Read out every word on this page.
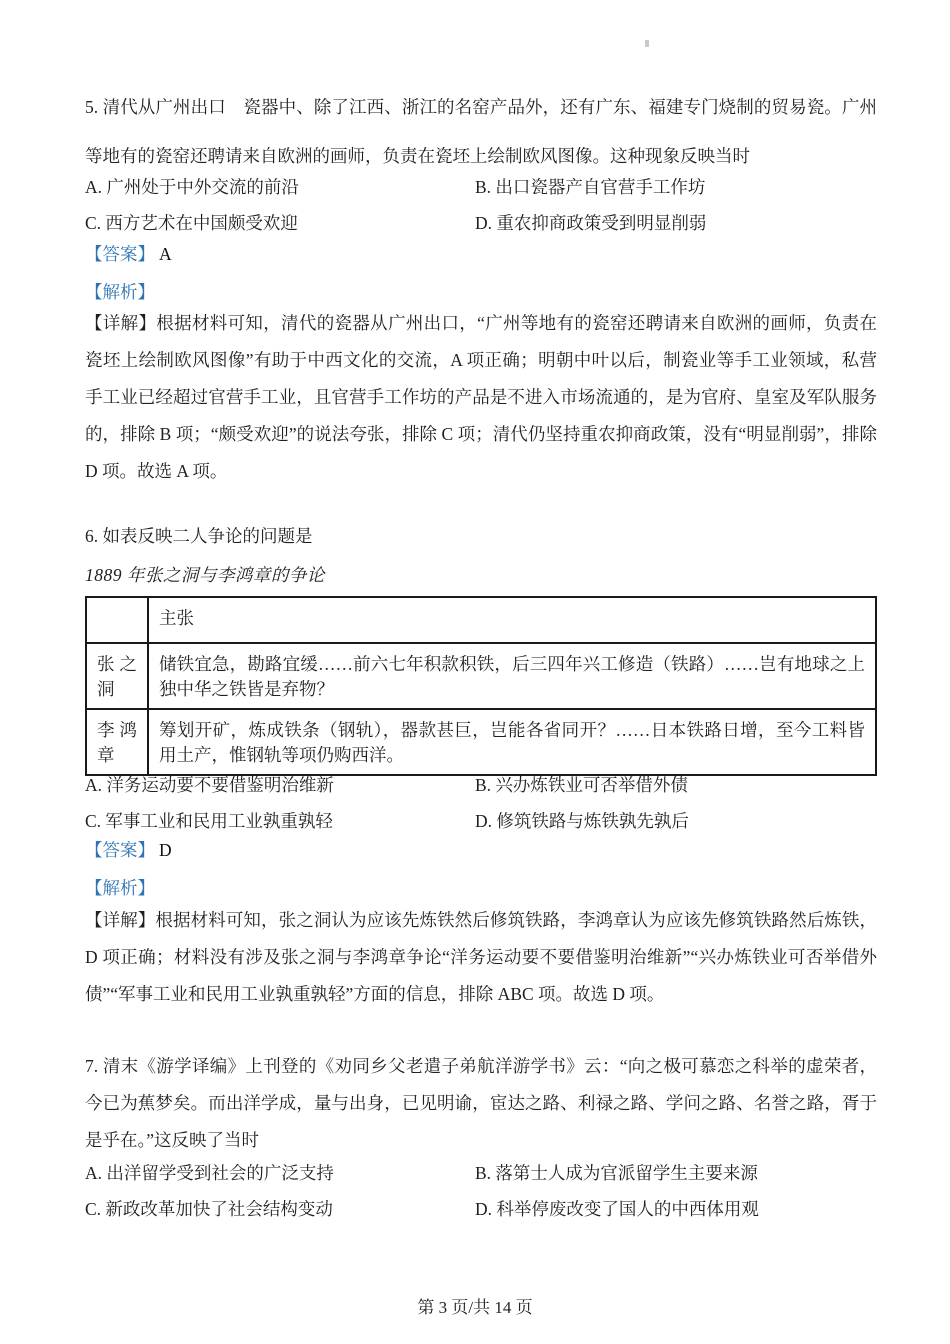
5. 清代从广州出口　瓷器中、除了江西、浙江的名窑产品外，还有广东、福建专门烧制的贸易瓷。广州等地有的瓷窑还聘请来自欧洲的画师，负责在瓷坯上绘制欧风图像。这种现象反映当时
A. 广州处于中外交流的前沿	B. 出口瓷器产自官营手工作坊
C. 西方艺术在中国颇受欢迎	D. 重农抑商政策受到明显削弱
【答案】 A
【解析】
【详解】根据材料可知，清代的瓷器从广州出口，“广州等地有的瓷窑还聘请来自欧洲的画师，负责在瓷坯上绘制欧风图像”有助于中西文化的交流，A 项正确；明朝中叶以后，制瓷业等手工业领域，私营手工业已经超过官营手工业，且官营手工作坊的产品是不进入市场流通的，是为官府、皇室及军队服务的，排除 B 项；“颇受欢迎”的说法夸张，排除 C 项；清代仍坚持重农抑商政策，没有“明显削弱”，排除 D 项。故选 A 项。
6. 如表反映二人争论的问题是
1889 年张之洞与李鸿章的争论
	主张
张之洞	储铁宜急，勘路宜缓……前六七年积款积铁，后三四年兴工修造（铁路）……岂有地球之上独中华之铁皆是弃物？
李鸿章	筹划开矿，炼成铁条（钢轨），器款甚巨，岂能各省同开？……日本铁路日增，至今工料皆用土产，惟钢轨等项仍购西洋。
A. 洋务运动要不要借鉴明治维新	B. 兴办炼铁业可否举借外债
C. 军事工业和民用工业孰重孰轻	D. 修筑铁路与炼铁孰先孰后
【答案】 D
【解析】
【详解】根据材料可知，张之洞认为应该先炼铁然后修筑铁路，李鸿章认为应该先修筑铁路然后炼铁，D 项正确；材料没有涉及张之洞与李鸿章争论“洋务运动要不要借鉴明治维新”“兴办炼铁业可否举借外债”“军事工业和民用工业孰重孰轻”方面的信息，排除 ABC 项。故选 D 项。
7. 清末《游学译编》上刊登的《劝同乡父老遣子弟航洋游学书》云：“向之极可慕恋之科举的虚荣者，今已为蕉梦矣。而出洋学成，量与出身，已见明谕，宦达之路、利禄之路、学问之路、名誉之路，胥于是乎在。”这反映了当时
A. 出洋留学受到社会的广泛支持	B. 落第士人成为官派留学生主要来源
C. 新政改革加快了社会结构变动	D. 科举停废改变了国人的中西体用观
第 3 页/共 14 页
